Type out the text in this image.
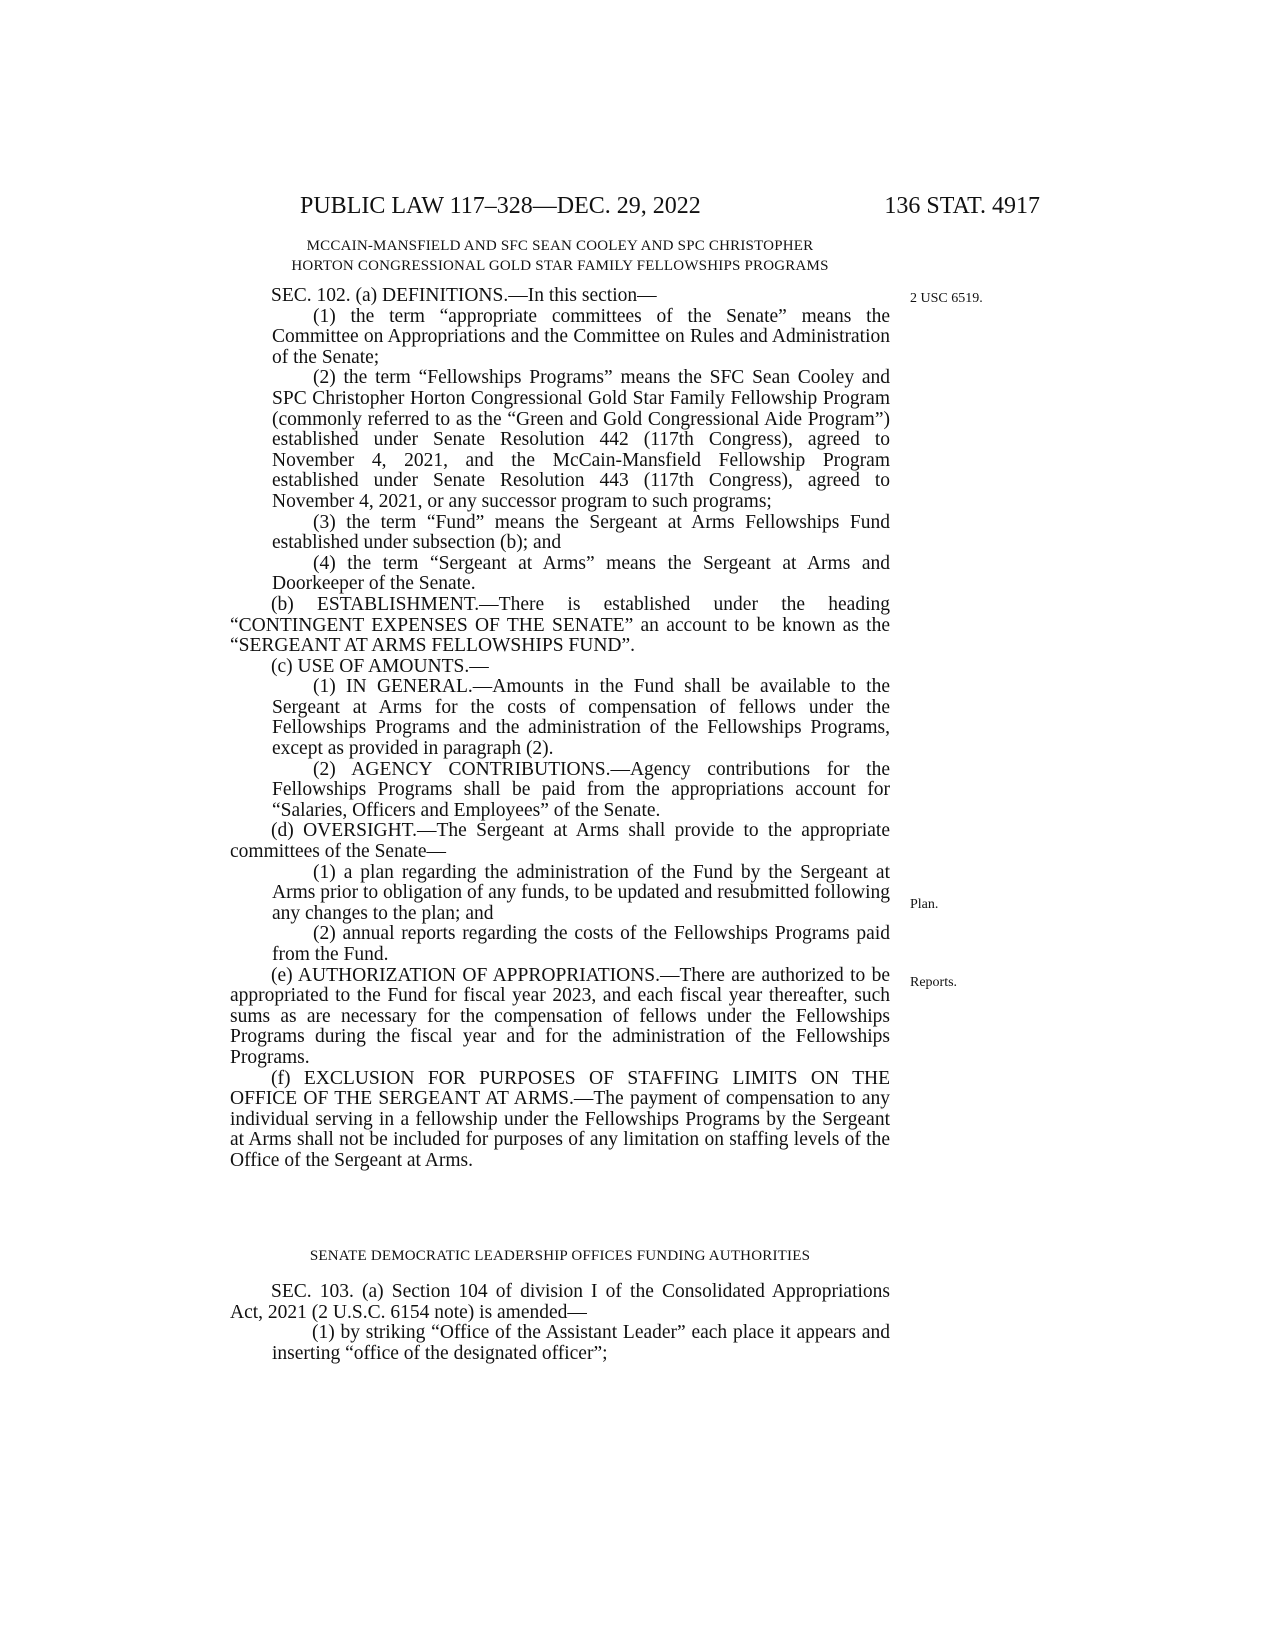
PUBLIC LAW 117–328—DEC. 29, 2022	136 STAT. 4917
MCCAIN-MANSFIELD AND SFC SEAN COOLEY AND SPC CHRISTOPHER
HORTON CONGRESSIONAL GOLD STAR FAMILY FELLOWSHIPS PROGRAMS
2 USC 6519.
Plan.
Reports.

SEC. 102. (a) DEFINITIONS.—In this section—

(1) the term “appropriate committees of the Senate” means the Committee on Appropriations and the Committee on Rules and Administration of the Senate;

(2) the term “Fellowships Programs” means the SFC Sean Cooley and SPC Christopher Horton Congressional Gold Star Family Fellowship Program (commonly referred to as the “Green and Gold Congressional Aide Program”) established under Senate Resolution 442 (117th Congress), agreed to November 4, 2021, and the McCain-Mansfield Fellowship Program established under Senate Resolution 443 (117th Congress), agreed to November 4, 2021, or any successor program to such programs;

(3) the term “Fund” means the Sergeant at Arms Fellowships Fund established under subsection (b); and

(4) the term “Sergeant at Arms” means the Sergeant at Arms and Doorkeeper of the Senate.

(b) ESTABLISHMENT.—There is established under the heading “CONTINGENT EXPENSES OF THE SENATE” an account to be known as the “SERGEANT AT ARMS FELLOWSHIPS FUND”.

(c) USE OF AMOUNTS.—

(1) IN GENERAL.—Amounts in the Fund shall be available to the Sergeant at Arms for the costs of compensation of fellows under the Fellowships Programs and the administration of the Fellowships Programs, except as provided in paragraph (2).

(2) AGENCY CONTRIBUTIONS.—Agency contributions for the Fellowships Programs shall be paid from the appropriations account for “Salaries, Officers and Employees” of the Senate.

(d) OVERSIGHT.—The Sergeant at Arms shall provide to the appropriate committees of the Senate—

(1) a plan regarding the administration of the Fund by the Sergeant at Arms prior to obligation of any funds, to be updated and resubmitted following any changes to the plan; and

(2) annual reports regarding the costs of the Fellowships Programs paid from the Fund.

(e) AUTHORIZATION OF APPROPRIATIONS.—There are authorized to be appropriated to the Fund for fiscal year 2023, and each fiscal year thereafter, such sums as are necessary for the compensation of fellows under the Fellowships Programs during the fiscal year and for the administration of the Fellowships Programs.

(f) EXCLUSION FOR PURPOSES OF STAFFING LIMITS ON THE OFFICE OF THE SERGEANT AT ARMS.—The payment of compensation to any individual serving in a fellowship under the Fellowships Programs by the Sergeant at Arms shall not be included for purposes of any limitation on staffing levels of the Office of the Sergeant at Arms.

SENATE DEMOCRATIC LEADERSHIP OFFICES FUNDING AUTHORITIES

SEC. 103. (a) Section 104 of division I of the Consolidated Appropriations Act, 2021 (2 U.S.C. 6154 note) is amended—

(1) by striking “Office of the Assistant Leader” each place it appears and inserting “office of the designated officer”;
